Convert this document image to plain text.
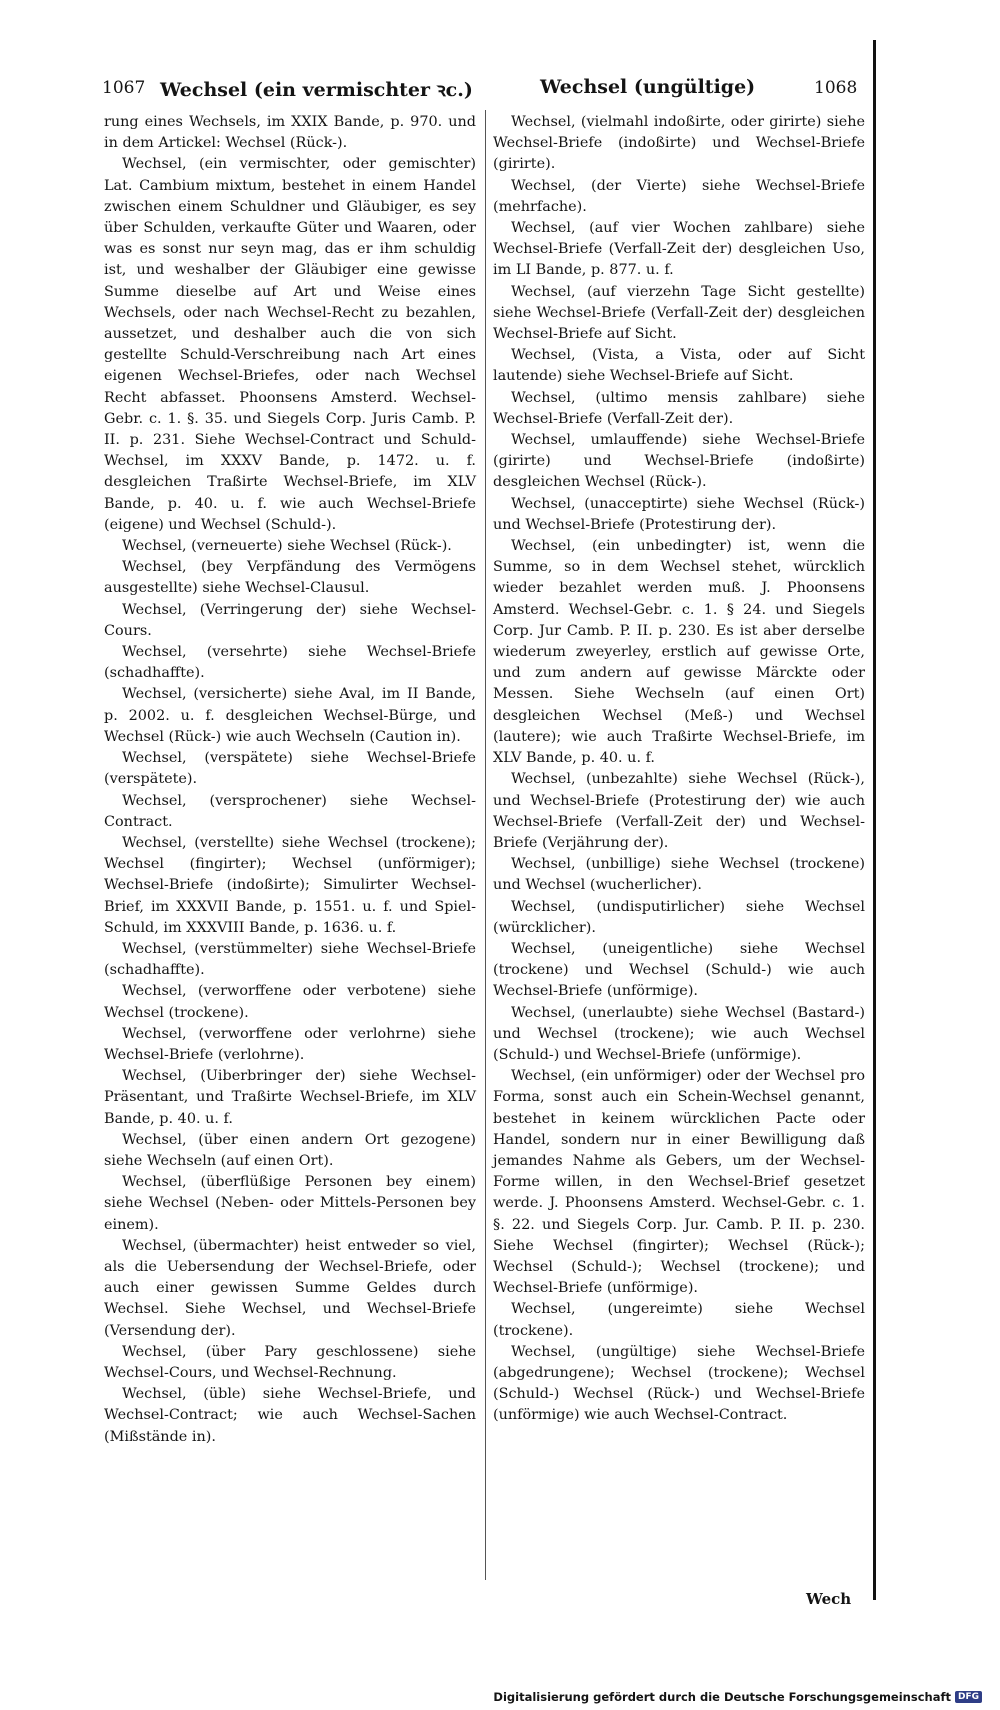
1067 Wechsel (ein vermischter ꝛc.)	Wechsel (ungültige)	1068

rung eines Wechsels, im XXIX Bande, p. 970. und in dem Artickel: Wechsel (Rück-).

Wechsel, (ein vermischter, oder gemischter) Lat. Cambium mixtum, bestehet in einem Handel zwischen einem Schuldner und Gläubiger, es sey über Schulden, verkaufte Güter und Waaren, oder was es sonst nur seyn mag, das er ihm schuldig ist, und weshalber der Gläubiger eine gewisse Summe dieselbe auf Art und Weise eines Wechsels, oder nach Wechsel-Recht zu bezahlen, aussetzet, und deshalber auch die von sich gestellte Schuld-Verschreibung nach Art eines eigenen Wechsel-Briefes, oder nach Wechsel Recht abfasset. Phoonsens Amsterd. Wechsel-Gebr. c. 1. §. 35. und Siegels Corp. Juris Camb. P. II. p. 231. Siehe Wechsel-Contract und Schuld-Wechsel, im XXXV Bande, p. 1472. u. f. desgleichen Traßirte Wechsel-Briefe, im XLV Bande, p. 40. u. f. wie auch Wechsel-Briefe (eigene) und Wechsel (Schuld-).

Wechsel, (verneuerte) siehe Wechsel (Rück-).

Wechsel, (bey Verpfändung des Vermögens ausgestellte) siehe Wechsel-Clausul.

Wechsel, (Verringerung der) siehe Wechsel-Cours.

Wechsel, (versehrte) siehe Wechsel-Briefe (schadhaffte).

Wechsel, (versicherte) siehe Aval, im II Bande, p. 2002. u. f. desgleichen Wechsel-Bürge, und Wechsel (Rück-) wie auch Wechseln (Caution in).

Wechsel, (verspätete) siehe Wechsel-Briefe (verspätete).

Wechsel, (versprochener) siehe Wechsel-Contract.

Wechsel, (verstellte) siehe Wechsel (trockene); Wechsel (fingirter); Wechsel (unförmiger); Wechsel-Briefe (indoßirte); Simulirter Wechsel-Brief, im XXXVII Bande, p. 1551. u. f. und Spiel-Schuld, im XXXVIII Bande, p. 1636. u. f.

Wechsel, (verstümmelter) siehe Wechsel-Briefe (schadhaffte).

Wechsel, (verworffene oder verbotene) siehe Wechsel (trockene).

Wechsel, (verworffene oder verlohrne) siehe Wechsel-Briefe (verlohrne).

Wechsel, (Uiberbringer der) siehe Wechsel-Präsentant, und Traßirte Wechsel-Briefe, im XLV Bande, p. 40. u. f.

Wechsel, (über einen andern Ort gezogene) siehe Wechseln (auf einen Ort).

Wechsel, (überflüßige Personen bey einem) siehe Wechsel (Neben- oder Mittels-Personen bey einem).

Wechsel, (übermachter) heist entweder so viel, als die Uebersendung der Wechsel-Briefe, oder auch einer gewissen Summe Geldes durch Wechsel. Siehe Wechsel, und Wechsel-Briefe (Versendung der).

Wechsel, (über Pary geschlossene) siehe Wechsel-Cours, und Wechsel-Rechnung.

Wechsel, (üble) siehe Wechsel-Briefe, und Wechsel-Contract; wie auch Wechsel-Sachen (Mißstände in).

Wechsel, (vielmahl indoßirte, oder girirte) siehe Wechsel-Briefe (indoßirte) und Wechsel-Briefe (girirte).

Wechsel, (der Vierte) siehe Wechsel-Briefe (mehrfache).

Wechsel, (auf vier Wochen zahlbare) siehe Wechsel-Briefe (Verfall-Zeit der) desgleichen Uso, im LI Bande, p. 877. u. f.

Wechsel, (auf vierzehn Tage Sicht gestellte) siehe Wechsel-Briefe (Verfall-Zeit der) desgleichen Wechsel-Briefe auf Sicht.

Wechsel, (Vista, a Vista, oder auf Sicht lautende) siehe Wechsel-Briefe auf Sicht.

Wechsel, (ultimo mensis zahlbare) siehe Wechsel-Briefe (Verfall-Zeit der).

Wechsel, umlauffende) siehe Wechsel-Briefe (girirte) und Wechsel-Briefe (indoßirte) desgleichen Wechsel (Rück-).

Wechsel, (unacceptirte) siehe Wechsel (Rück-) und Wechsel-Briefe (Protestirung der).

Wechsel, (ein unbedingter) ist, wenn die Summe, so in dem Wechsel stehet, würcklich wieder bezahlet werden muß. J. Phoonsens Amsterd. Wechsel-Gebr. c. 1. § 24. und Siegels Corp. Jur Camb. P. II. p. 230. Es ist aber derselbe wiederum zweyerley, erstlich auf gewisse Orte, und zum andern auf gewisse Märckte oder Messen. Siehe Wechseln (auf einen Ort) desgleichen Wechsel (Meß-) und Wechsel (lautere); wie auch Traßirte Wechsel-Briefe, im XLV Bande, p. 40. u. f.

Wechsel, (unbezahlte) siehe Wechsel (Rück-), und Wechsel-Briefe (Protestirung der) wie auch Wechsel-Briefe (Verfall-Zeit der) und Wechsel-Briefe (Verjährung der).

Wechsel, (unbillige) siehe Wechsel (trockene) und Wechsel (wucherlicher).

Wechsel, (undisputirlicher) siehe Wechsel (würcklicher).

Wechsel, (uneigentliche) siehe Wechsel (trockene) und Wechsel (Schuld-) wie auch Wechsel-Briefe (unförmige).

Wechsel, (unerlaubte) siehe Wechsel (Bastard-) und Wechsel (trockene); wie auch Wechsel (Schuld-) und Wechsel-Briefe (unförmige).

Wechsel, (ein unförmiger) oder der Wechsel pro Forma, sonst auch ein Schein-Wechsel genannt, bestehet in keinem würcklichen Pacte oder Handel, sondern nur in einer Bewilligung daß jemandes Nahme als Gebers, um der Wechsel-Forme willen, in den Wechsel-Brief gesetzet werde. J. Phoonsens Amsterd. Wechsel-Gebr. c. 1. §. 22. und Siegels Corp. Jur. Camb. P. II. p. 230. Siehe Wechsel (fingirter); Wechsel (Rück-); Wechsel (Schuld-); Wechsel (trockene); und Wechsel-Briefe (unförmige).

Wechsel, (ungereimte) siehe Wechsel (trockene).

Wechsel, (ungültige) siehe Wechsel-Briefe (abgedrungene); Wechsel (trockene); Wechsel (Schuld-) Wechsel (Rück-) und Wechsel-Briefe (unförmige) wie auch Wechsel-Contract.

Wech
Digitalisierung gefördert durch die Deutsche Forschungsgemeinschaft DFG
